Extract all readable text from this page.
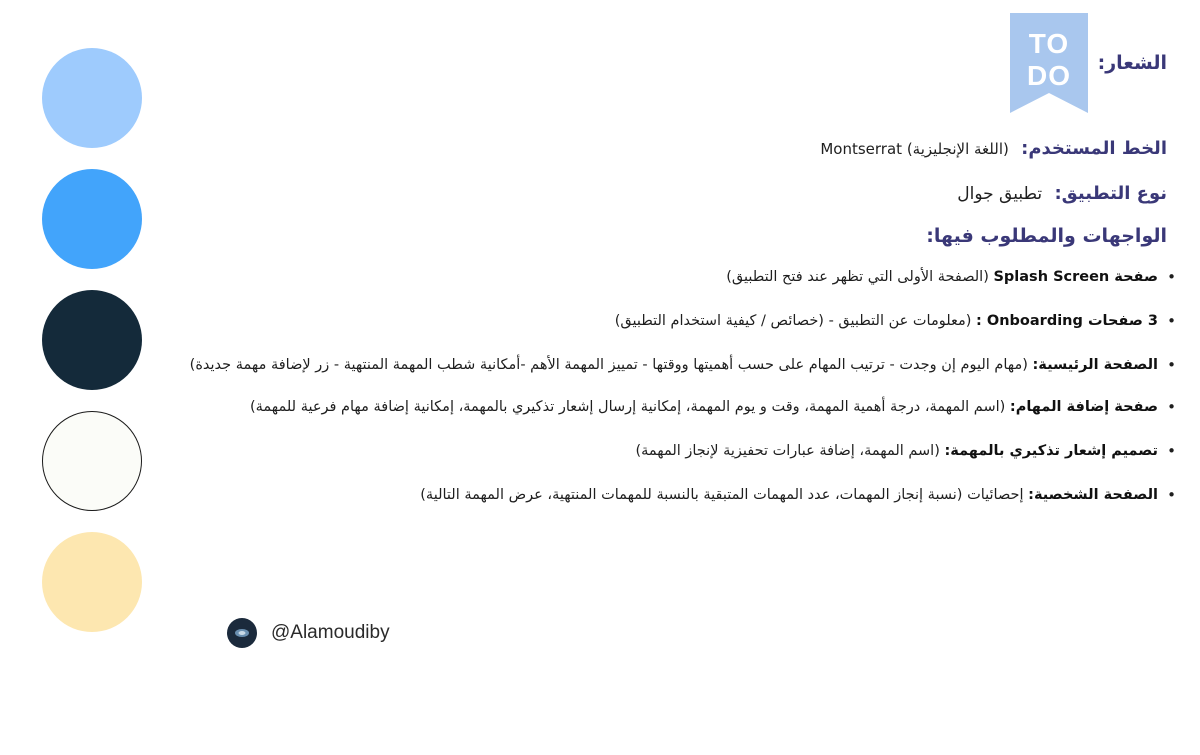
TO
DO الشعار:
الخط المستخدم: (اللغة الإنجليزية) Montserrat
نوع التطبيق: تطبيق جوال
الواجهات والمطلوب فيها:
• صفحة Splash Screen (الصفحة الأولى التي تظهر عند فتح التطبيق)
• 3 صفحات Onboarding : (معلومات عن التطبيق - (خصائص / كيفية استخدام التطبيق)
• الصفحة الرئيسية: (مهام اليوم إن وجدت - ترتيب المهام على حسب أهميتها ووقتها - تمييز المهمة الأهم -أمكانية شطب المهمة المنتهية - زر لإضافة مهمة جديدة)
• صفحة إضافة المهام: (اسم المهمة، درجة أهمية المهمة، وقت و يوم المهمة، إمكانية إرسال إشعار تذكيري بالمهمة، إمكانية إضافة مهام فرعية للمهمة)
• تصميم إشعار تذكيري بالمهمة: (اسم المهمة، إضافة عبارات تحفيزية لإنجاز المهمة)
• الصفحة الشخصية: إحصائيات (نسبة إنجاز المهمات، عدد المهمات المتبقية بالنسبة للمهمات المنتهية، عرض المهمة التالية)
@Alamoudiby
